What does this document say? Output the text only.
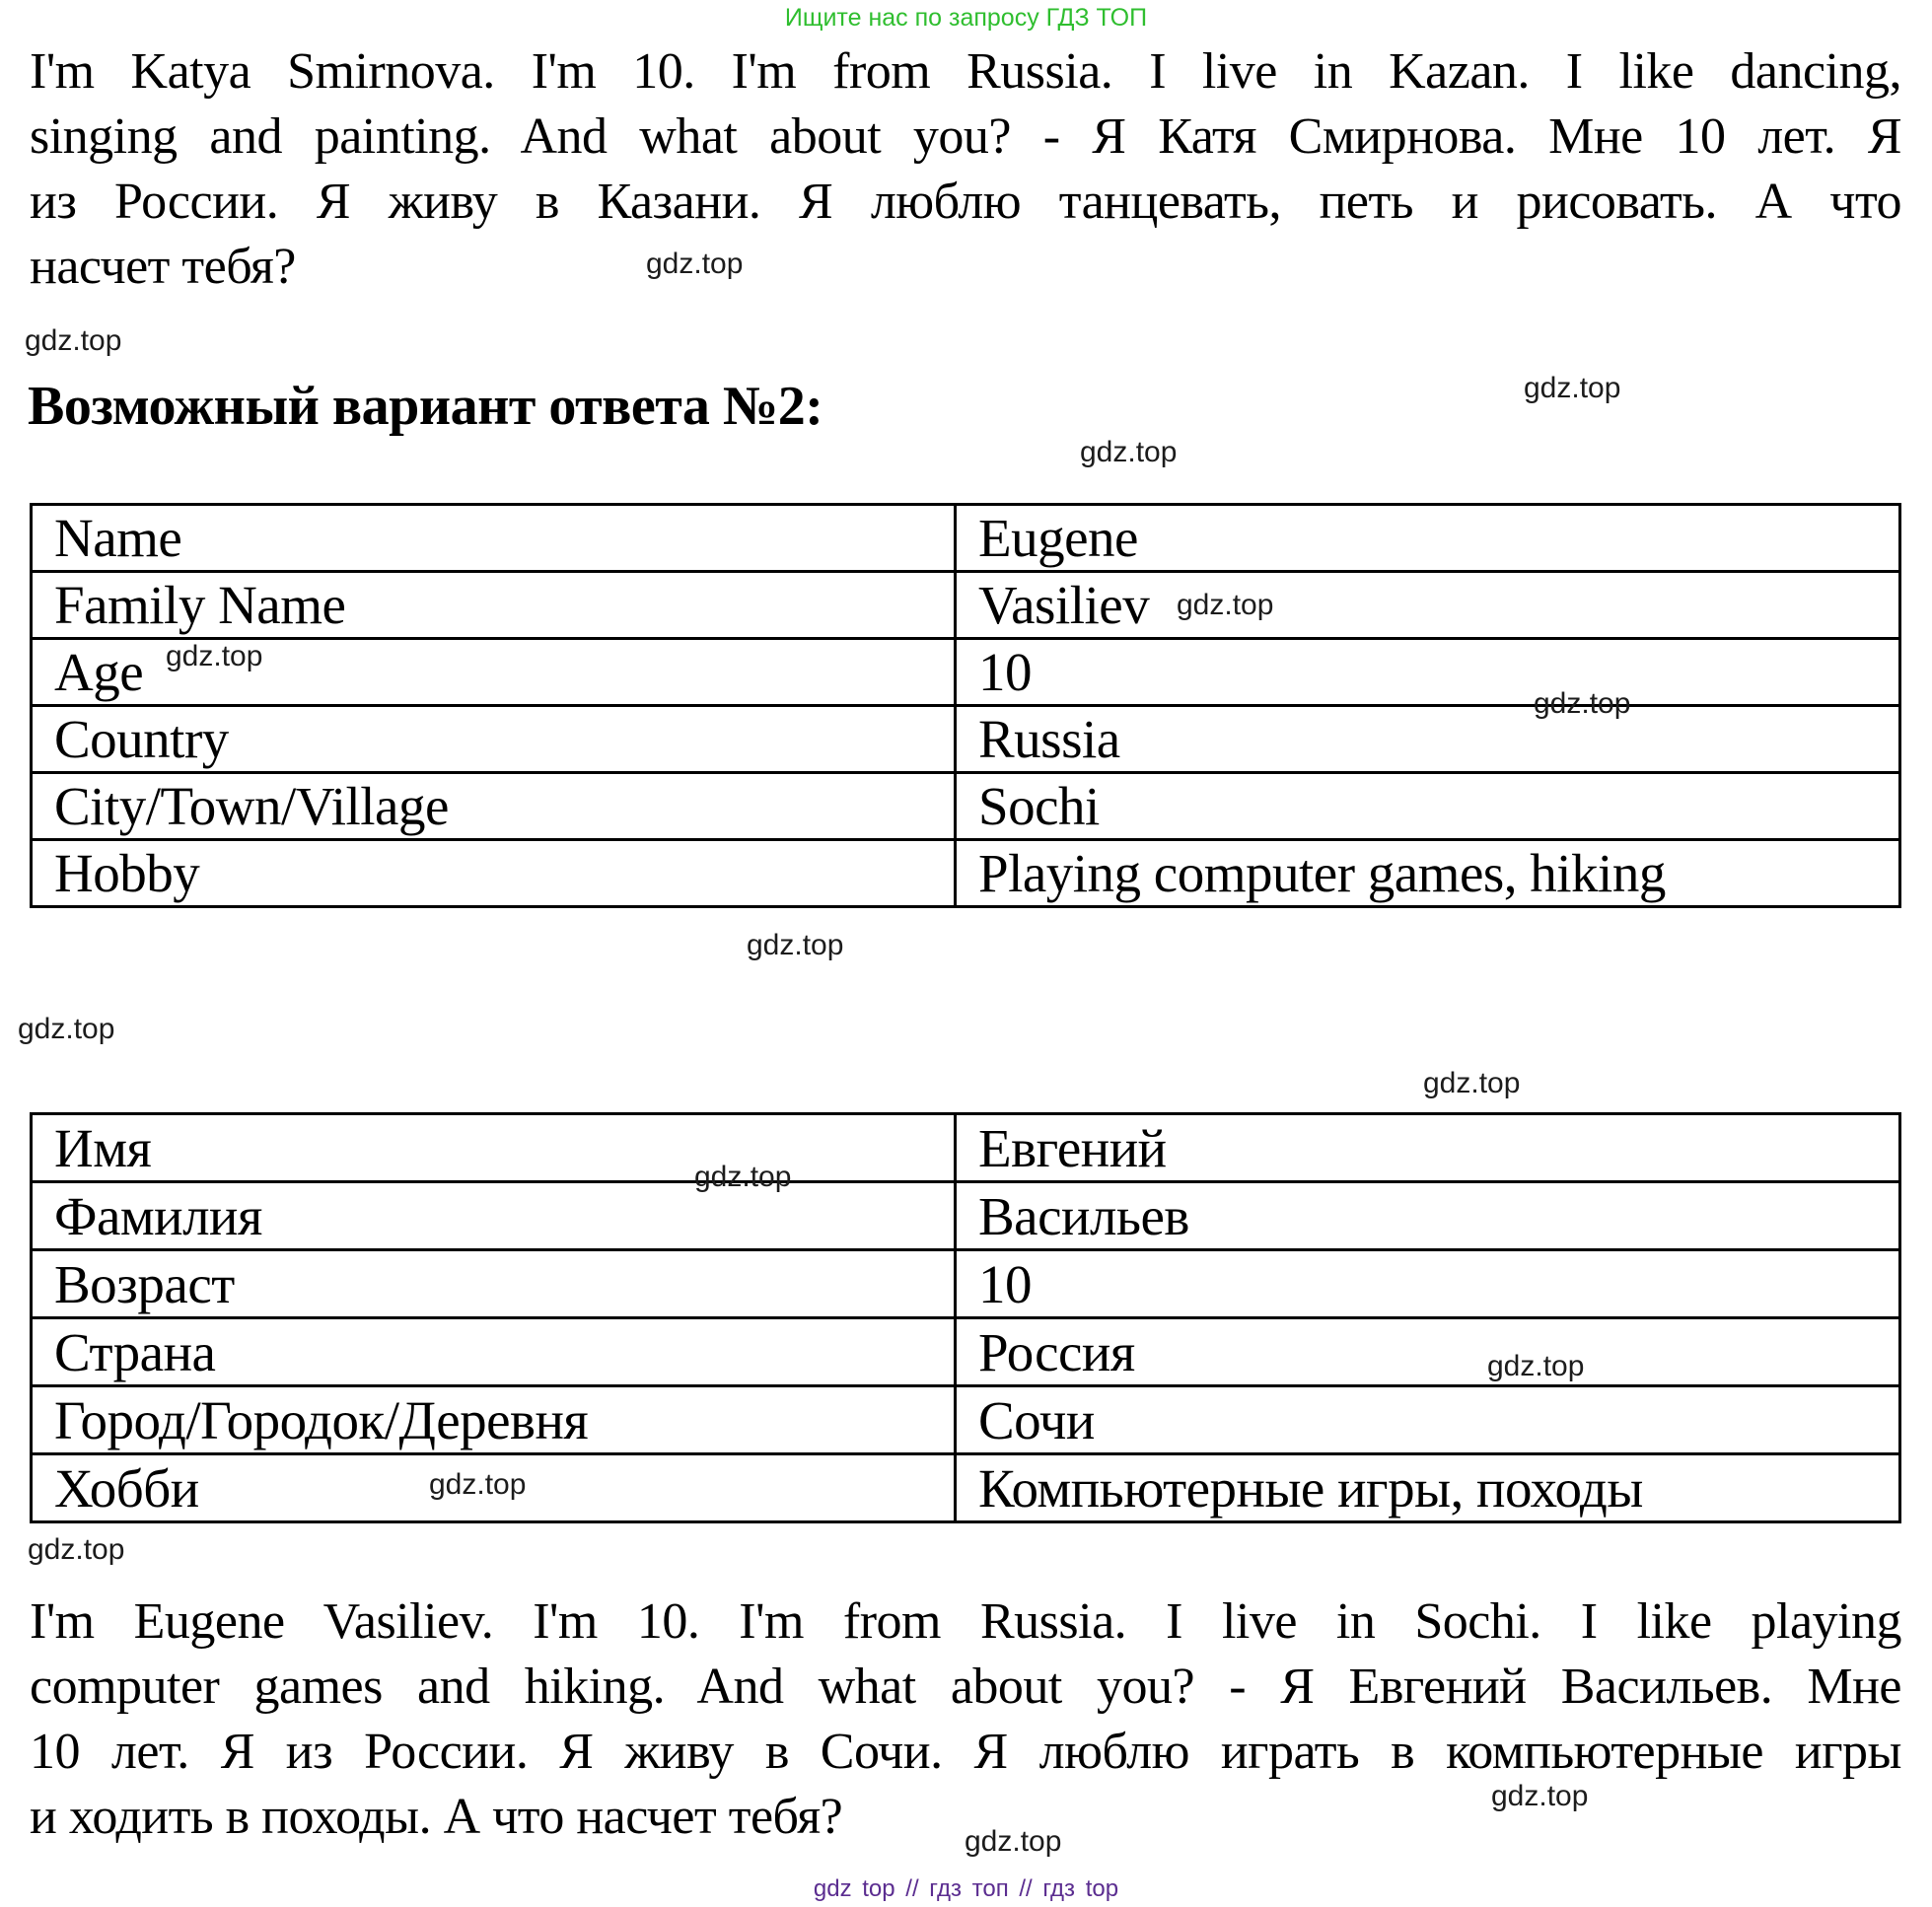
Ищите нас по запросу ГДЗ ТОП
I'm Katya Smirnova. I'm 10. I'm from Russia. I live in Kazan. I like dancing,
singing and painting. And what about you? - Я Катя Смирнова. Мне 10 лет. Я
из России. Я живу в Казани. Я люблю танцевать, петь и рисовать. А что
насчет тебя?
Возможный вариант ответа №2:
Name	Eugene
Family Name	Vasiliev
Age	10
Country	Russia
City/Town/Village	Sochi
Hobby	Playing computer games, hiking
Имя	Евгений
Фамилия	Васильев
Возраст	10
Страна	Россия
Город/Городок/Деревня	Сочи
Хобби	Компьютерные игры, походы
I'm Eugene Vasiliev. I'm 10. I'm from Russia. I live in Sochi. I like playing
computer games and hiking. And what about you? - Я Евгений Васильев. Мне
10 лет. Я из России. Я живу в Сочи. Я люблю играть в компьютерные игры
и ходить в походы. А что насчет тебя?
gdz.top
gdz.top
gdz.top
gdz.top
gdz.top
gdz.top
gdz.top
gdz.top
gdz.top
gdz.top
gdz.top
gdz.top
gdz.top
gdz.top
gdz.top
gdz.top
gdz top // гдз топ // гдз top
